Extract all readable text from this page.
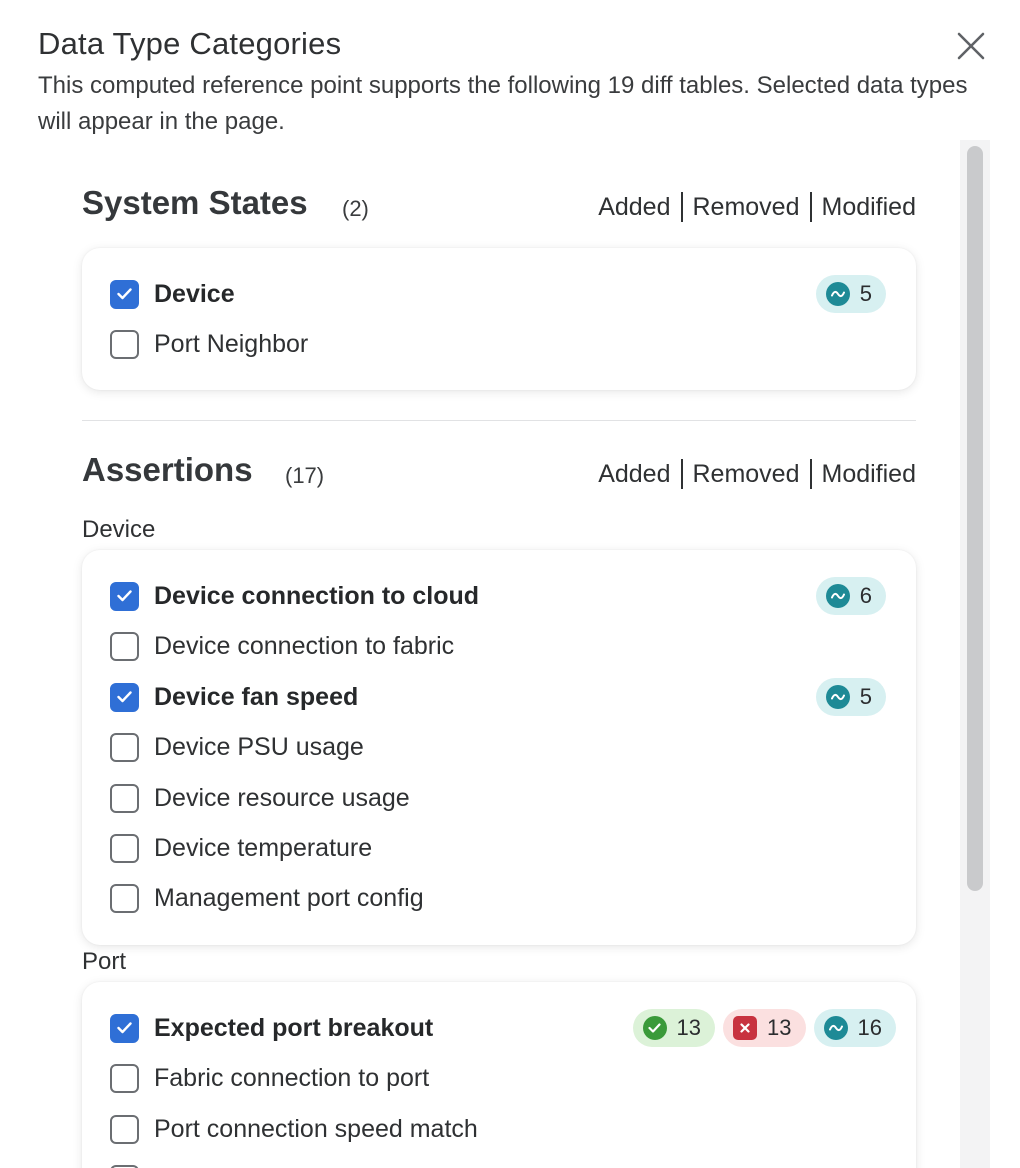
Data Type Categories
This computed reference point supports the following 19 diff tables. Selected data types will appear in the page.
System States (2)	Added Removed Modified
Device	5
Port Neighbor
Assertions (17)	Added Removed Modified
Device
Device connection to cloud	6
Device connection to fabric
Device fan speed	5
Device PSU usage
Device resource usage
Device temperature
Management port config
Port
Expected port breakout	13	13	16
Fabric connection to port
Port connection speed match
